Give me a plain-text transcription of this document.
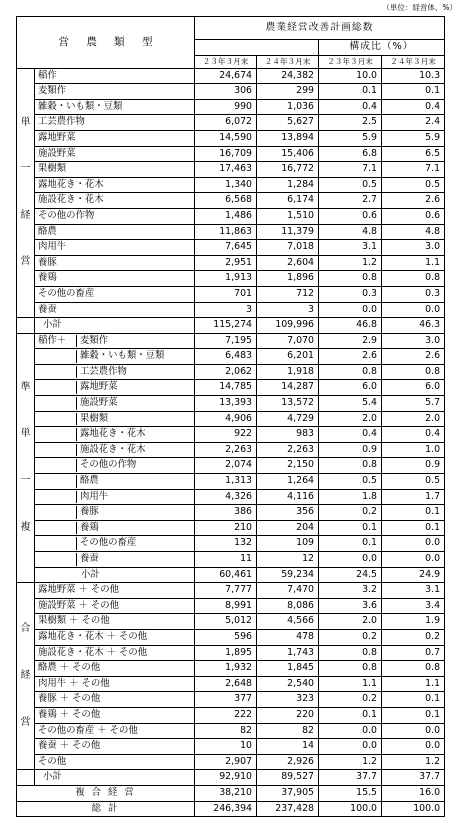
（単位：経営体、%）
営 農 類 型		農業経営改善計画総数			
				構成比（%）	
		２３年３月末	２４年３月末	２３年３月末	２４年３月末

単
一
経
営	稲作	24,674	24,382	10.0	10.3
	麦類作	306	299	0.1	0.1
	雑穀・いも類・豆類	990	1,036	0.4	0.4
	工芸農作物	6,072	5,627	2.5	2.4
	露地野菜	14,590	13,894	5.9	5.9
	施設野菜	16,709	15,406	6.8	6.5
	果樹類	17,463	16,772	7.1	7.1
	露地花き・花木	1,340	1,284	0.5	0.5
	施設花き・花木	6,568	6,174	2.7	2.6
	その他の作物	1,486	1,510	0.6	0.6
	酪農	11,863	11,379	4.8	4.8
	肉用牛	7,645	7,018	3.1	3.0
	養豚	2,951	2,604	1.2	1.1
	養鶏	1,913	1,896	0.8	0.8
	その他の畜産	701	712	0.3	0.3
	養蚕	3	3	0.0	0.0
	小計	115,274	109,996	46.8	46.3

準
単
一
複	稲作＋ 麦類作	7,195	7,070	2.9	3.0

	雑穀・いも類・豆類	6,483	6,201	2.6	2.6

	工芸農作物	2,062	1,918	0.8	0.8

	露地野菜	14,785	14,287	6.0	6.0

	施設野菜	13,393	13,572	5.4	5.7

	果樹類	4,906	4,729	2.0	2.0

	露地花き・花木	922	983	0.4	0.4

	施設花き・花木	2,263	2,263	0.9	1.0

	その他の作物	2,074	2,150	0.8	0.9

	酪農	1,313	1,264	0.5	0.5

	肉用牛	4,326	4,116	1.8	1.7

	養豚	386	356	0.2	0.1

	養鶏	210	204	0.1	0.1

	その他の畜産	132	109	0.1	0.0

	養蚕	11	12	0.0	0.0
	小計	60,461	59,234	24.5	24.9

合
経
営	露地野菜 ＋ その他	7,777	7,470	3.2	3.1
	施設野菜 ＋ その他	8,991	8,086	3.6	3.4
	果樹類 ＋ その他	5,012	4,566	2.0	1.9
	露地花き・花木 ＋ その他	596	478	0.2	0.2
	施設花き・花木 ＋ その他	1,895	1,743	0.8	0.7
	酪農 ＋ その他	1,932	1,845	0.8	0.8
	肉用牛 ＋ その他	2,648	2,540	1.1	1.1
	養豚 ＋ その他	377	323	0.2	0.1
	養鶏 ＋ その他	222	220	0.1	0.1
	その他の畜産 ＋ その他	82	82	0.0	0.0
	養蚕 ＋ その他	10	14	0.0	0.0
	その他	2,907	2,926	1.2	1.2
	小計	92,910	89,527	37.7	37.7
複 合 経 営		38,210	37,905	15.5	16.0
総 計		246,394	237,428	100.0	100.0
